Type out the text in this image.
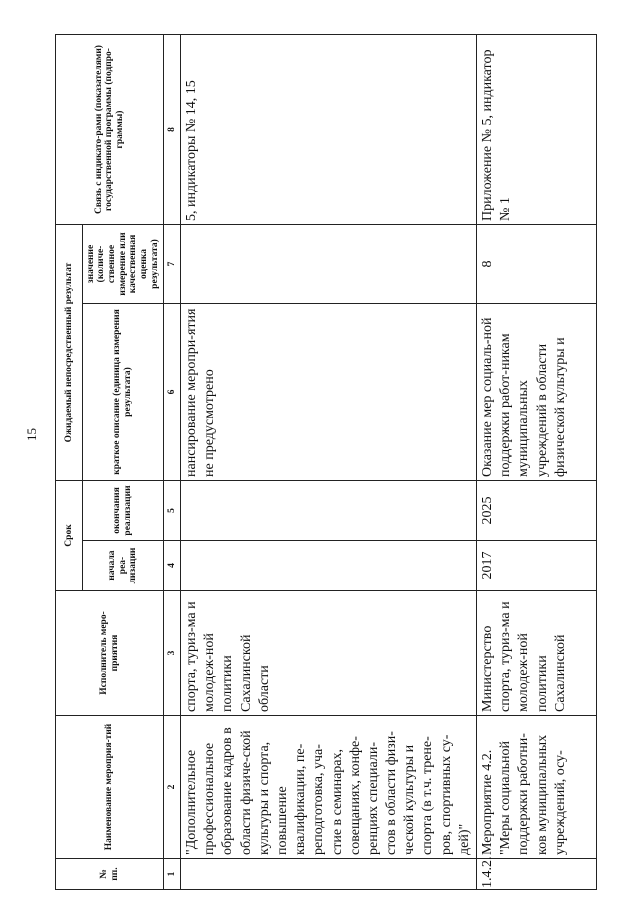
15
№ пп.	Наименование мероприя-тий	Исполнитель меро-приятия	Срок		Ожидаемый непосредственный результат		Связь с индикато-рами (показателями) государственной программы (подпро-граммы)
			начала реа-лизации	окончания реализации	краткое описание (единица измерения результата)	значение (количе-ственное измерение или качественная оценка результата)	
1	2	3	4	5	6	7	8
	"Дополнительное профессиональное образование кадров в области физиче-ской культуры и спорта, повышение квалификации, пе-реподготовка, уча-стие в семинарах, совещаниях, конфе-ренциях специали-стов в области физи-ческой культуры и спорта (в т.ч. трене-ров, спортивных су-дей)"	спорта, туриз-ма и молодеж-ной политики Сахалинской области			нансирование меропри-ятия не предусмотрено		5, индикаторы № 14, 15
1.4.2.	Мероприятие 4.2. "Меры социальной поддержки работни-ков муниципальных учреждений, осу-	Министерство спорта, туриз-ма и молодеж-ной политики Сахалинской	2017	2025	Оказание мер социаль-ной поддержки работ-никам муниципальных учреждений в области физической культуры и	8	Приложение № 5, индикатор № 1
